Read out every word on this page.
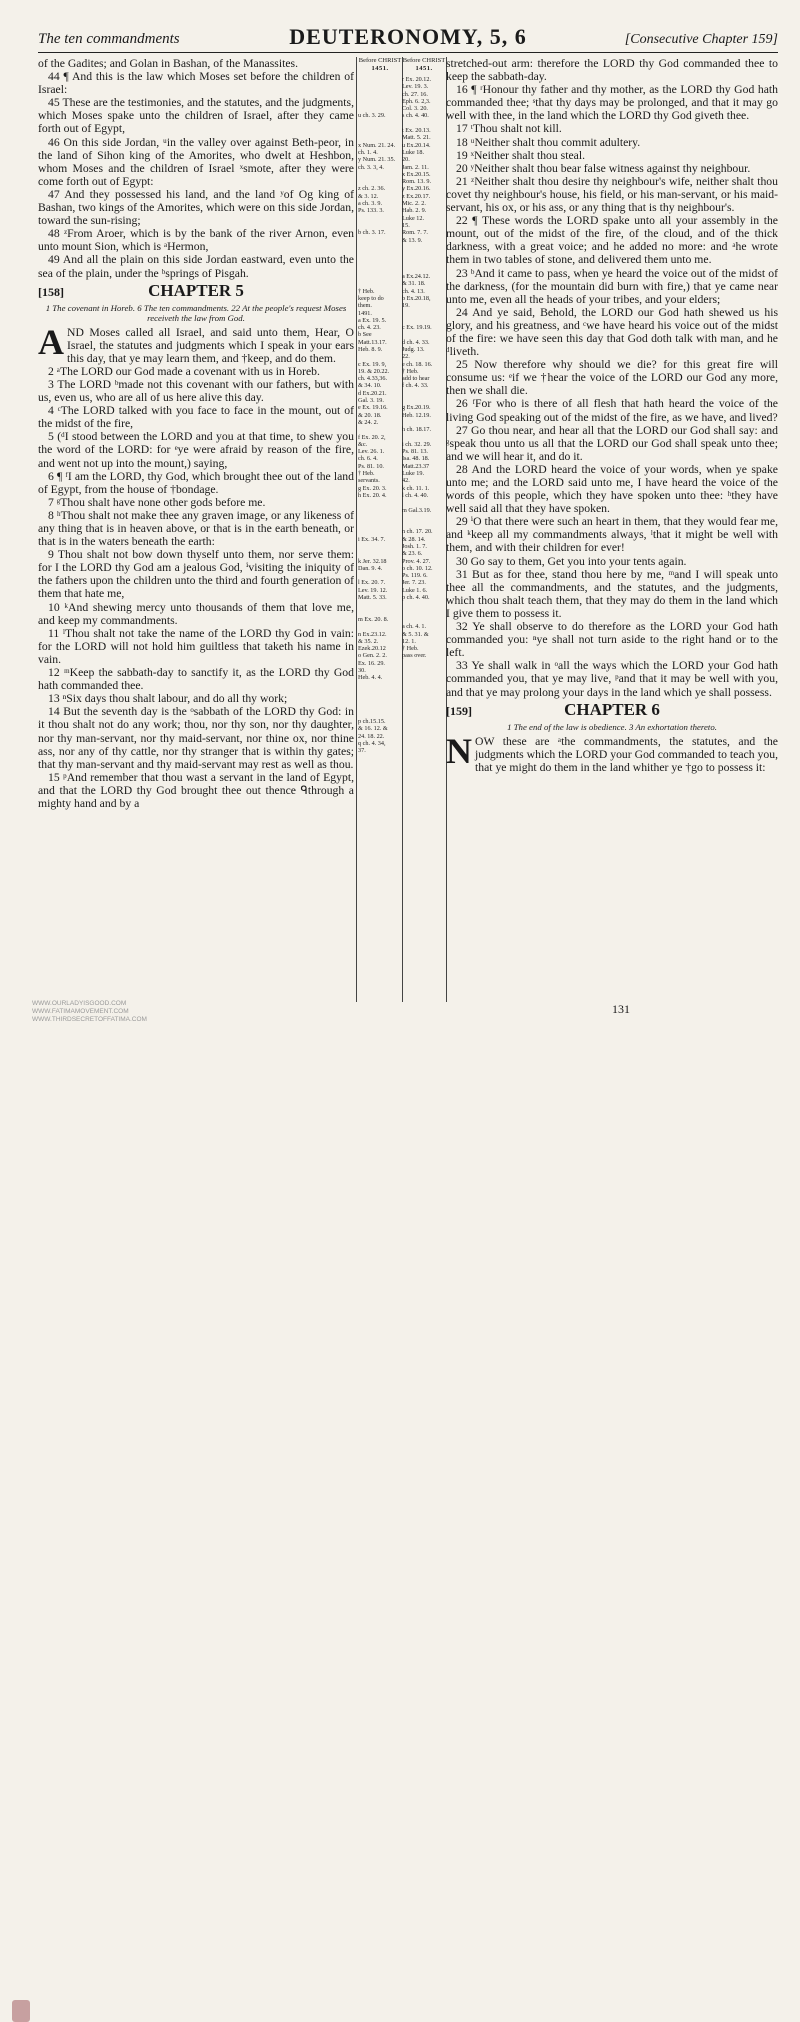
The ten commandments	DEUTERONOMY, 5, 6	[Consecutive Chapter 159]

of the Gadites; and Golan in Bashan, of the Manassites.

44 ¶ And this is the law which Moses set before the children of Israel:

45 These are the testimonies, and the statutes, and the judgments, which Moses spake unto the children of Israel, after they came forth out of Egypt,

46 On this side Jordan, ᵘin the valley over against Beth-peor, in the land of Sihon king of the Amorites, who dwelt at Heshbon, whom Moses and the children of Israel ˣsmote, after they were come forth out of Egypt:

47 And they possessed his land, and the land ʸof Og king of Bashan, two kings of the Amorites, which were on this side Jordan, toward the sun-rising;

48 ᶻFrom Aroer, which is by the bank of the river Arnon, even unto mount Sion, which is ᵃHermon,

49 And all the plain on this side Jordan eastward, even unto the sea of the plain, under the ᵇsprings of Pisgah.

CHAPTER 5
[158]

1 The covenant in Horeb. 6 The ten commandments. 22 At the people's request Moses receiveth the law from God.

AND Moses called all Israel, and said unto them, Hear, O Israel, the statutes and judgments which I speak in your ears this day, that ye may learn them, and †keep, and do them.

2 ᵃThe LORD our God made a covenant with us in Horeb.

3 The LORD ᵇmade not this covenant with our fathers, but with us, even us, who are all of us here alive this day.

4 ᶜThe LORD talked with you face to face in the mount, out of the midst of the fire,

5 (ᵈI stood between the LORD and you at that time, to shew you the word of the LORD: for ᵉye were afraid by reason of the fire, and went not up into the mount,) saying,

6 ¶ ᶠI am the LORD, thy God, which brought thee out of the land of Egypt, from the house of †bondage.

7 ᵍThou shalt have none other gods before me.

8 ʰThou shalt not make thee any graven image, or any likeness of any thing that is in heaven above, or that is in the earth beneath, or that is in the waters beneath the earth:

9 Thou shalt not bow down thyself unto them, nor serve them: for I the LORD thy God am a jealous God, ⁱvisiting the iniquity of the fathers upon the children unto the third and fourth generation of them that hate me,

10 ᵏAnd shewing mercy unto thousands of them that love me, and keep my commandments.

11 ˡThou shalt not take the name of the LORD thy God in vain: for the LORD will not hold him guiltless that taketh his name in vain.

12 ᵐKeep the sabbath-day to sanctify it, as the LORD thy God hath commanded thee.

13 ⁿSix days thou shalt labour, and do all thy work;

14 But the seventh day is the ᵒsabbath of the LORD thy God: in it thou shalt not do any work; thou, nor thy son, nor thy daughter, nor thy man-servant, nor thy maid-servant, nor thine ox, nor thine ass, nor any of thy cattle, nor thy stranger that is within thy gates; that thy man-servant and thy maid-servant may rest as well as thou.

15 ᵖAnd remember that thou wast a servant in the land of Egypt, and that the LORD thy God brought thee out thence ᑫthrough a mighty hand and by a

Before CHRIST
1451.

u ch. 3. 29.

x Num. 21. 24.
ch. 1. 4.

y Num. 21. 35.
ch. 3. 3, 4.

z ch. 2. 36.
& 3. 12.
a ch. 3. 9.
Ps. 133. 3.

b ch. 3. 17.

† Heb.
keep to do
them.
1491.
a Ex. 19. 5.
ch. 4. 23.
b See
Matt.13.17.
Heb. 8. 9.

c Ex. 19. 9,
19. & 20.22.
ch. 4.33,36.
& 34. 10.
d Ex.20.21.
Gal. 3. 19.
e Ex. 19.16.
& 20. 18.
& 24. 2.

f Ex. 20. 2,
&c.
Lev. 26. 1.
ch. 6. 4.
Ps. 81. 10.
† Heb.
servants.
g Ex. 20. 3.
h Ex. 20. 4.

i Ex. 34. 7.

k Jer. 32.18
Dan. 9. 4.

l Ex. 20. 7.
Lev. 19. 12.
Matt. 5. 33.

m Ex. 20. 8.

n Ex.23.12.
& 35. 2.
Ezek.20.12
o Gen. 2. 2.
Ex. 16. 29.
30.
Heb. 4. 4.

p ch.15.15.
& 16. 12. &
24. 18. 22.
q ch. 4. 34,
37.

Before CHRIST
1451.

r Ex. 20.12.
Lev. 19. 3.
ch. 27. 16.
Eph. 6. 2,3.
Col. 3. 20.
s ch. 4. 40.

t Ex. 20.13.
Matt. 5. 21.
u Ex.20.14.
Luke 18.
20.
Jam. 2. 11.
x Ex.20.15.
Rom. 13. 9.
y Ex.20.16.
z Ex.20.17.
Mic. 2. 2.
Hab. 2. 9.
Luke 12.
15.
Rom. 7. 7.
& 13. 9.

a Ex.24.12.
& 31. 18.
ch. 4. 13.
b Ex.20.18,
19.

c Ex. 19.19.

d ch. 4. 33.
Judg. 13.
22.
e ch. 18. 16.
† Heb.
add to hear
f ch. 4. 33.

g Ex.20.19.
Heb. 12.19.

h ch. 18.17.

i ch. 32. 29.
Ps. 81. 13.
Isa. 48. 18.
Matt.23.37
Luke 19.
42.
k ch. 11. 1.
l ch. 4. 40.

m Gal.3.19.

n ch. 17. 20.
& 28. 14.
Josh. 1. 7.
& 23. 6.
Prov. 4. 27.
o ch. 10. 12.
Ps. 119. 6.
Jer. 7. 23.
Luke 1. 6.
p ch. 4. 40.

a ch. 4. 1.
& 5. 31. &
12. 1.
† Heb.
pass over.

stretched-out arm: therefore the LORD thy God commanded thee to keep the sabbath-day.

16 ¶ ʳHonour thy father and thy mother, as the LORD thy God hath commanded thee; ˢthat thy days may be prolonged, and that it may go well with thee, in the land which the LORD thy God giveth thee.

17 ᵗThou shalt not kill.

18 ᵘNeither shalt thou commit adultery.

19 ˣNeither shalt thou steal.

20 ʸNeither shalt thou bear false witness against thy neighbour.

21 ᶻNeither shalt thou desire thy neighbour's wife, neither shalt thou covet thy neighbour's house, his field, or his man-servant, or his maid-servant, his ox, or his ass, or any thing that is thy neighbour's.

22 ¶ These words the LORD spake unto all your assembly in the mount, out of the midst of the fire, of the cloud, and of the thick darkness, with a great voice; and he added no more: and ᵃhe wrote them in two tables of stone, and delivered them unto me.

23 ᵇAnd it came to pass, when ye heard the voice out of the midst of the darkness, (for the mountain did burn with fire,) that ye came near unto me, even all the heads of your tribes, and your elders;

24 And ye said, Behold, the LORD our God hath shewed us his glory, and his greatness, and ᶜwe have heard his voice out of the midst of the fire: we have seen this day that God doth talk with man, and he ᵈliveth.

25 Now therefore why should we die? for this great fire will consume us: ᵉif we †hear the voice of the LORD our God any more, then we shall die.

26 ᶠFor who is there of all flesh that hath heard the voice of the living God speaking out of the midst of the fire, as we have, and lived?

27 Go thou near, and hear all that the LORD our God shall say: and ᵍspeak thou unto us all that the LORD our God shall speak unto thee; and we will hear it, and do it.

28 And the LORD heard the voice of your words, when ye spake unto me; and the LORD said unto me, I have heard the voice of the words of this people, which they have spoken unto thee: ʰthey have well said all that they have spoken.

29 ⁱO that there were such an heart in them, that they would fear me, and ᵏkeep all my commandments always, ˡthat it might be well with them, and with their children for ever!

30 Go say to them, Get you into your tents again.

31 But as for thee, stand thou here by me, ᵐand I will speak unto thee all the commandments, and the statutes, and the judgments, which thou shalt teach them, that they may do them in the land which I give them to possess it.

32 Ye shall observe to do therefore as the LORD your God hath commanded you: ⁿye shall not turn aside to the right hand or to the left.

33 Ye shall walk in ᵒall the ways which the LORD your God hath commanded you, that ye may live, ᵖand that it may be well with you, and that ye may prolong your days in the land which ye shall possess.

CHAPTER 6
[159]

1 The end of the law is obedience. 3 An exhortation thereto.

NOW these are ᵃthe commandments, the statutes, and the judgments which the LORD your God commanded to teach you, that ye might do them in the land whither ye †go to possess it:

131
WWW.OURLADYISGOOD.COM
WWW.FATIMAMOVEMENT.COM
WWW.THIRDSECRETOFFATIMA.COM
